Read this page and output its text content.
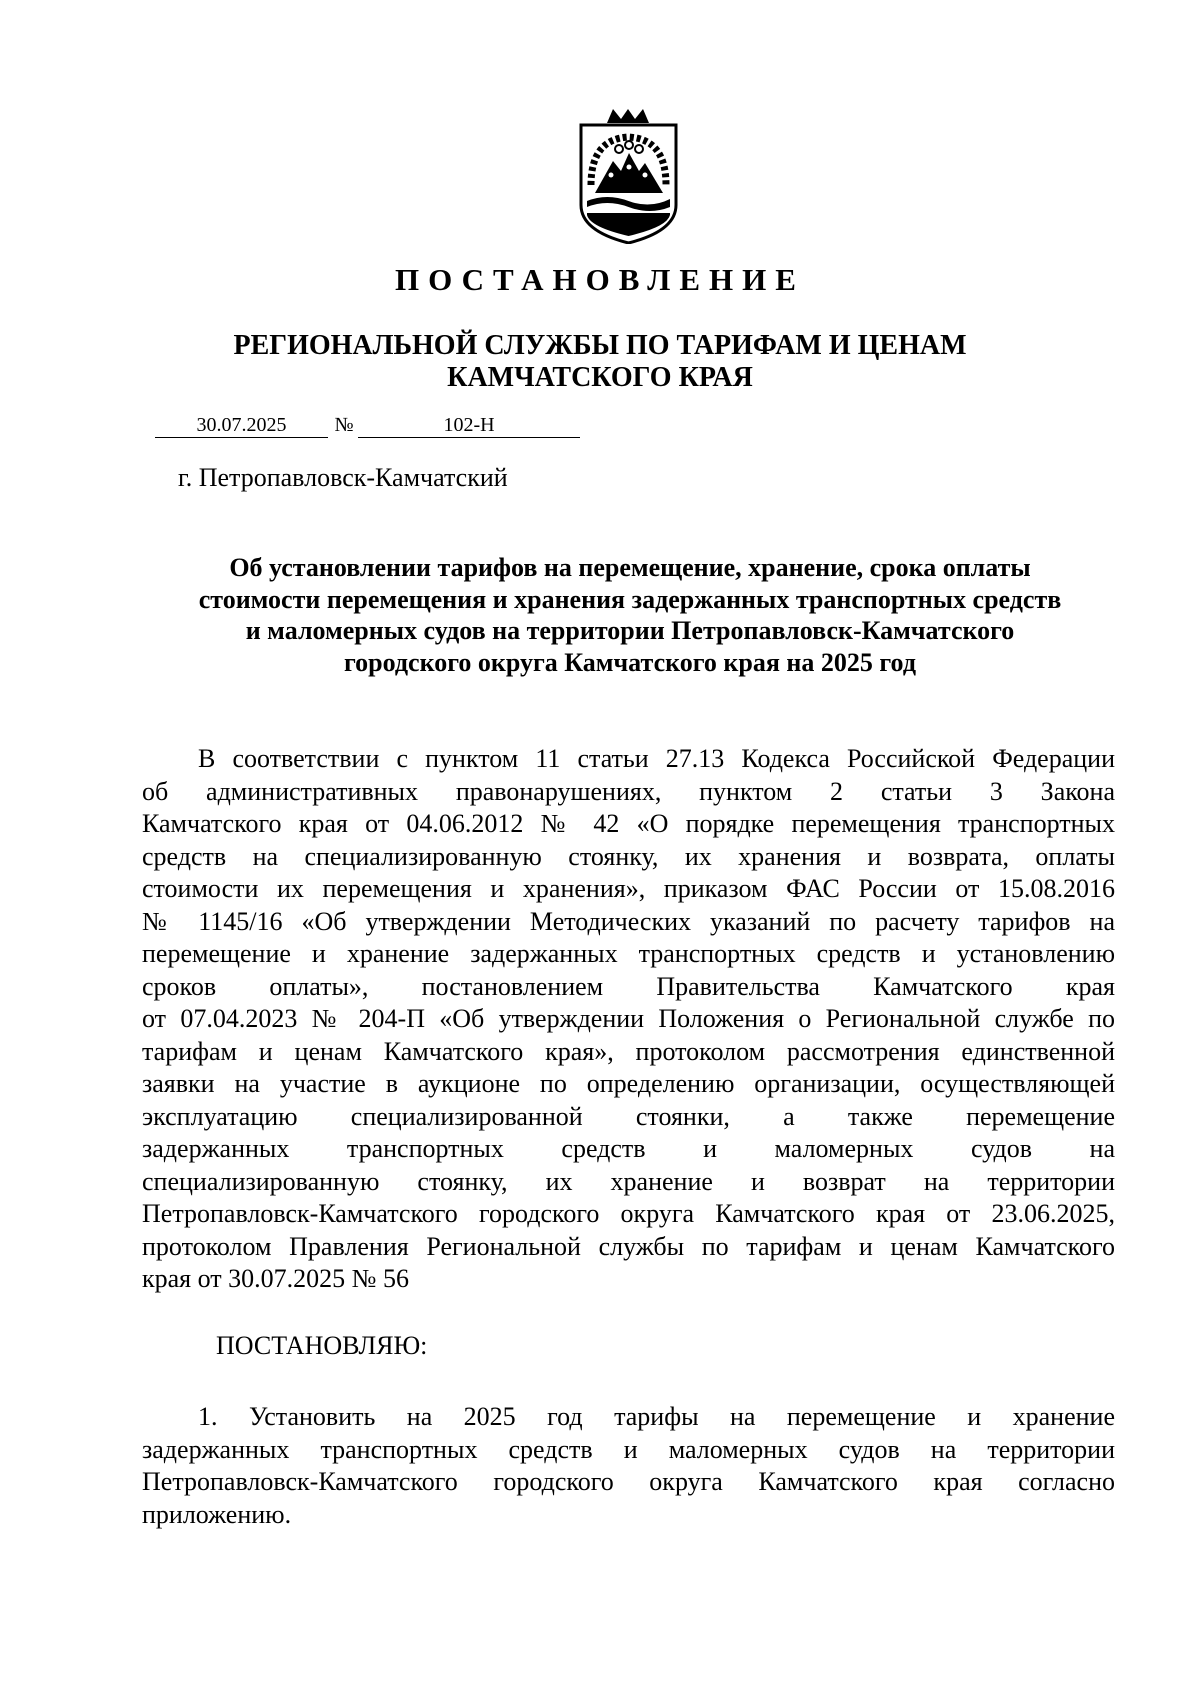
ПОСТАНОВЛЕНИЕ
РЕГИОНАЛЬНОЙ СЛУЖБЫ ПО ТАРИФАМ И ЦЕНАМ
КАМЧАТСКОГО КРАЯ
30.07.2025	№	102-Н
г. Петропавловск-Камчатский
Об установлении тарифов на перемещение, хранение, срока оплаты
стоимости перемещения и хранения задержанных транспортных средств
и маломерных судов на территории Петропавловск-Камчатского
городского округа Камчатского края на 2025 год
В соответствии с пунктом 11 статьи 27.13 Кодекса Российской Федерации
об административных правонарушениях, пунктом 2 статьи 3 Закона
Камчатского края от 04.06.2012 № 42 «О порядке перемещения транспортных
средств на специализированную стоянку, их хранения и возврата, оплаты
стоимости их перемещения и хранения», приказом ФАС России от 15.08.2016
№ 1145/16 «Об утверждении Методических указаний по расчету тарифов на
перемещение и хранение задержанных транспортных средств и установлению
сроков оплаты», постановлением Правительства Камчатского края
от 07.04.2023 № 204-П «Об утверждении Положения о Региональной службе по
тарифам и ценам Камчатского края», протоколом рассмотрения единственной
заявки на участие в аукционе по определению организации, осуществляющей
эксплуатацию специализированной стоянки, а также перемещение
задержанных транспортных средств и маломерных судов на
специализированную стоянку, их хранение и возврат на территории
Петропавловск-Камчатского городского округа Камчатского края от 23.06.2025,
протоколом Правления Региональной службы по тарифам и ценам Камчатского
края от 30.07.2025 № 56
ПОСТАНОВЛЯЮ:
1. Установить на 2025 год тарифы на перемещение и хранение
задержанных транспортных средств и маломерных судов на территории
Петропавловск-Камчатского городского округа Камчатского края согласно
приложению.
